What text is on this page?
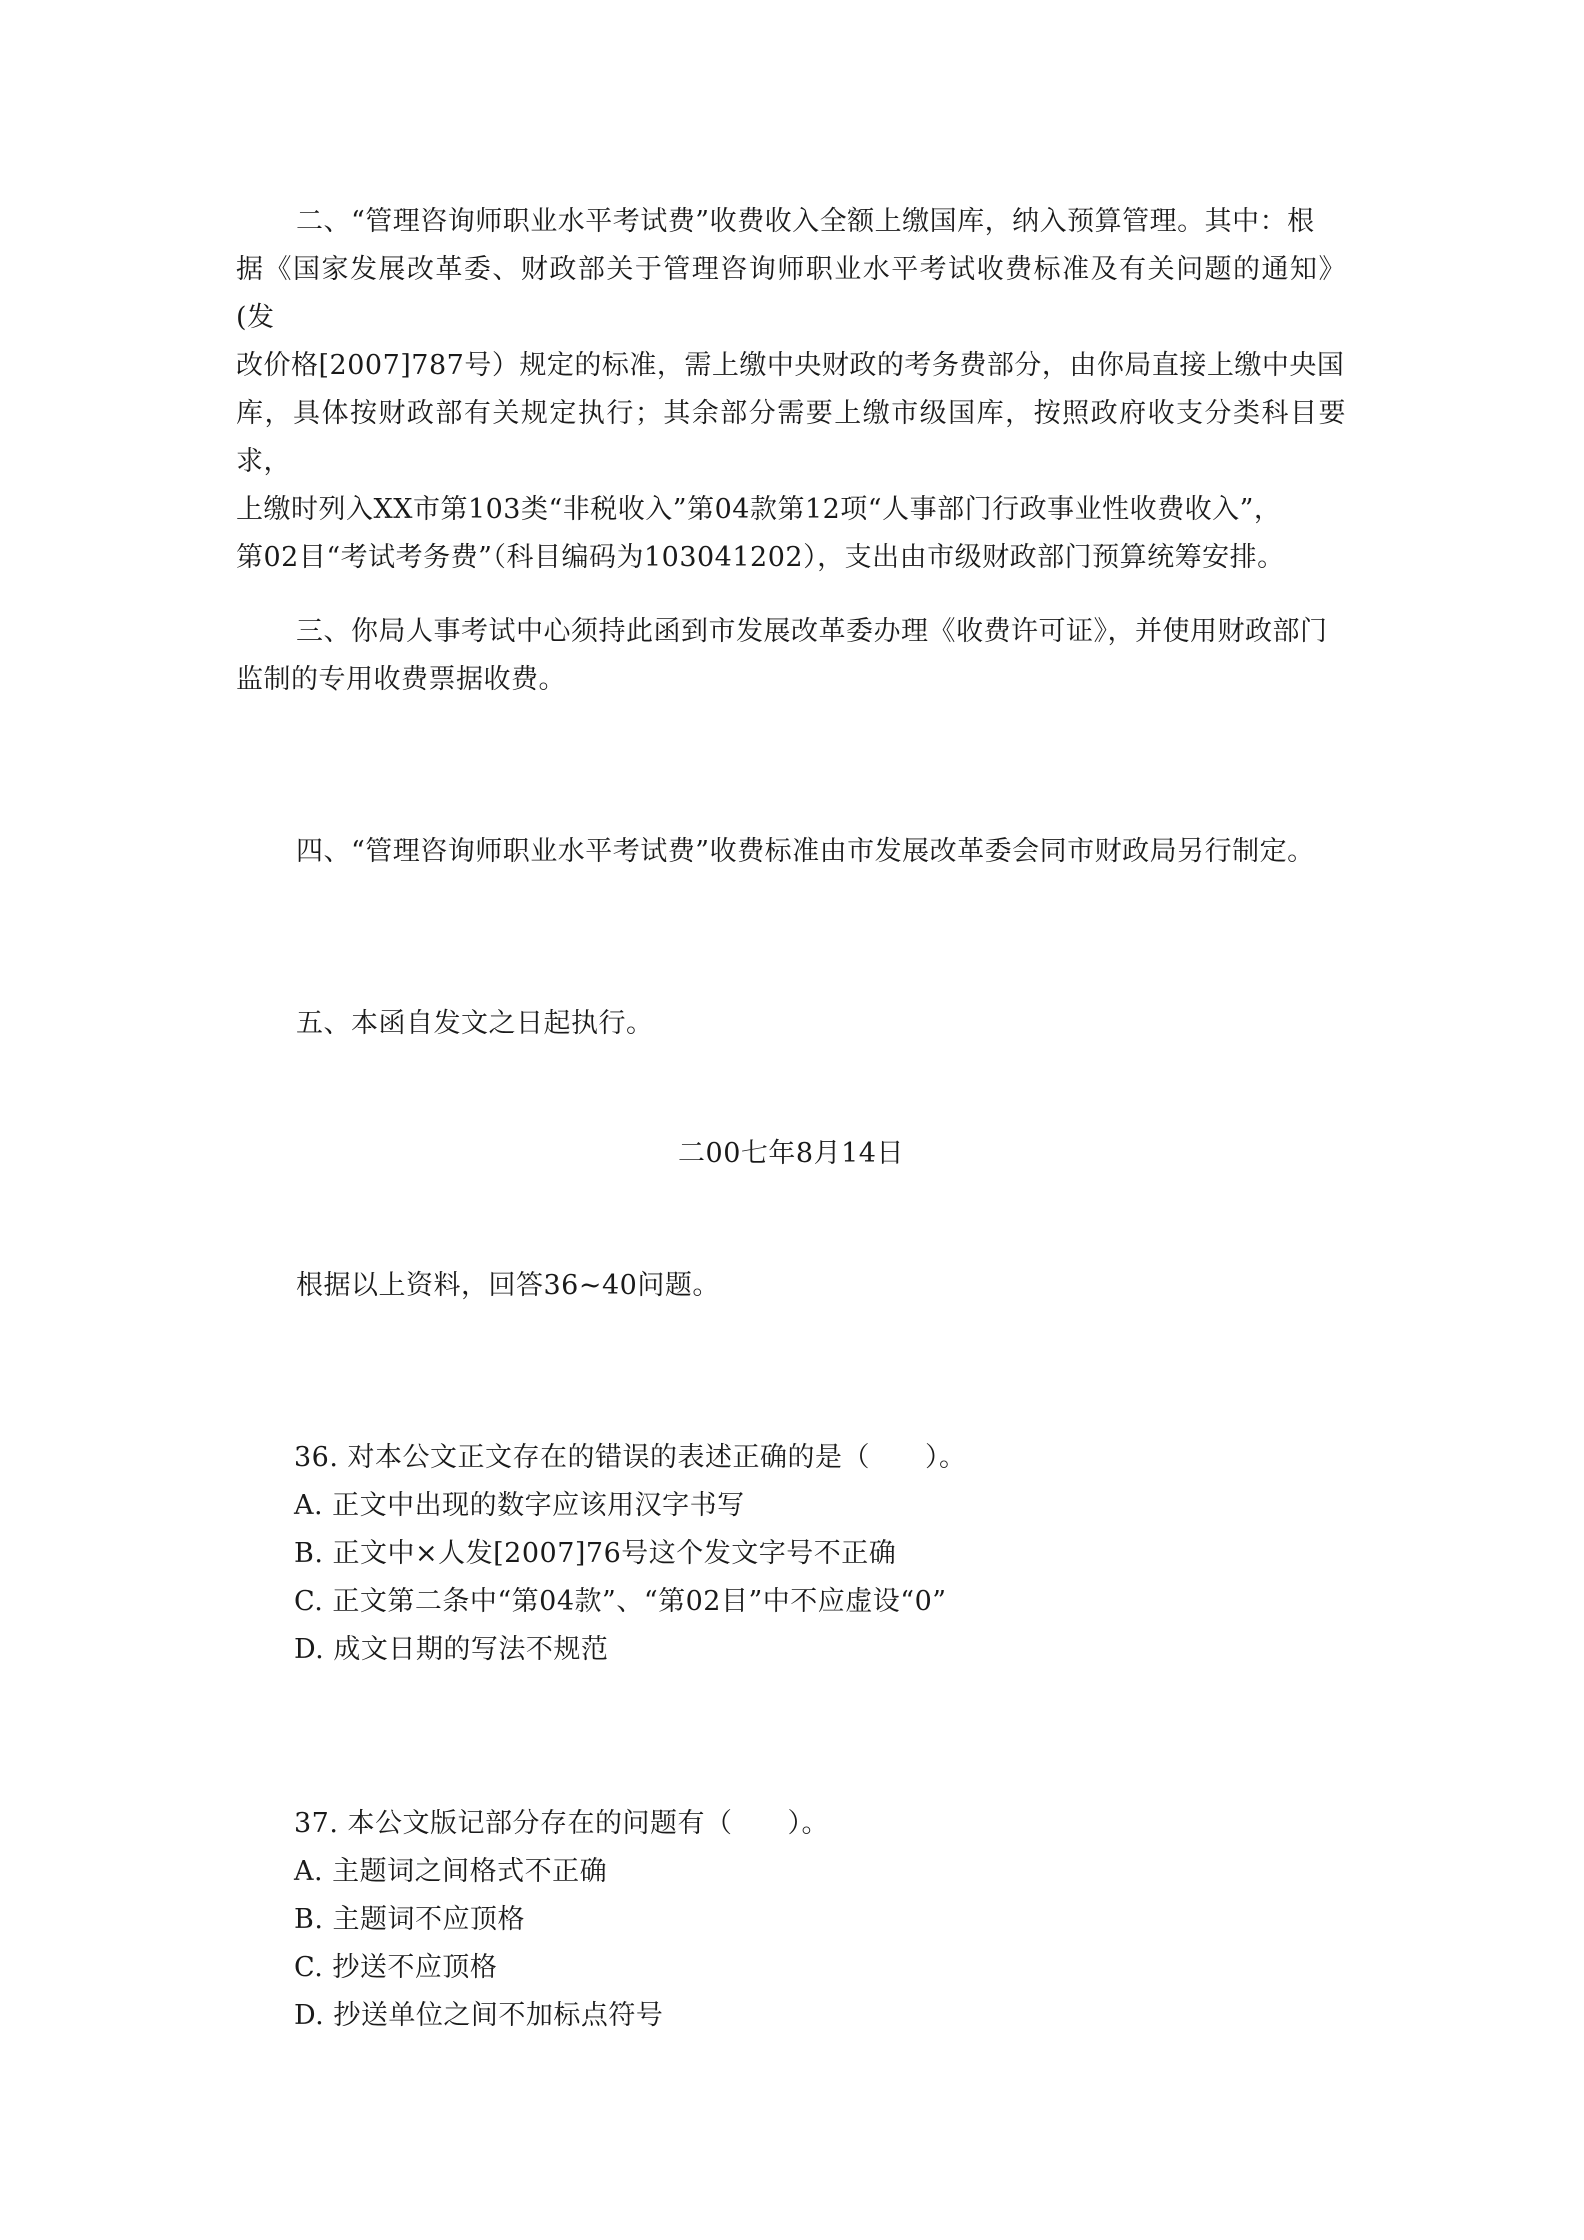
二、“管理咨询师职业水平考试费”收费收入全额上缴国库，纳入预算管理。其中：根
据《国家发展改革委、财政部关于管理咨询师职业水平考试收费标准及有关问题的通知》(发
改价格[2007]787号）规定的标准，需上缴中央财政的考务费部分，由你局直接上缴中央国
库，具体按财政部有关规定执行；其余部分需要上缴市级国库，按照政府收支分类科目要求，
上缴时列入XX市第103类“非税收入”第04款第12项“人事部门行政事业性收费收入”，
第02目“考试考务费”（科目编码为103041202），支出由市级财政部门预算统筹安排。
三、你局人事考试中心须持此函到市发展改革委办理《收费许可证》，并使用财政部门
监制的专用收费票据收费。
四、“管理咨询师职业水平考试费”收费标准由市发展改革委会同市财政局另行制定。
五、本函自发文之日起执行。
二00七年8月14日
根据以上资料，回答36~40问题。
36. 对本公文正文存在的错误的表述正确的是（　　）。
A. 正文中出现的数字应该用汉字书写
B. 正文中×人发[2007]76号这个发文字号不正确
C. 正文第二条中“第04款”、“第02目”中不应虚设“0”
D. 成文日期的写法不规范
37. 本公文版记部分存在的问题有（　　）。
A. 主题词之间格式不正确
B. 主题词不应顶格
C. 抄送不应顶格
D. 抄送单位之间不加标点符号
